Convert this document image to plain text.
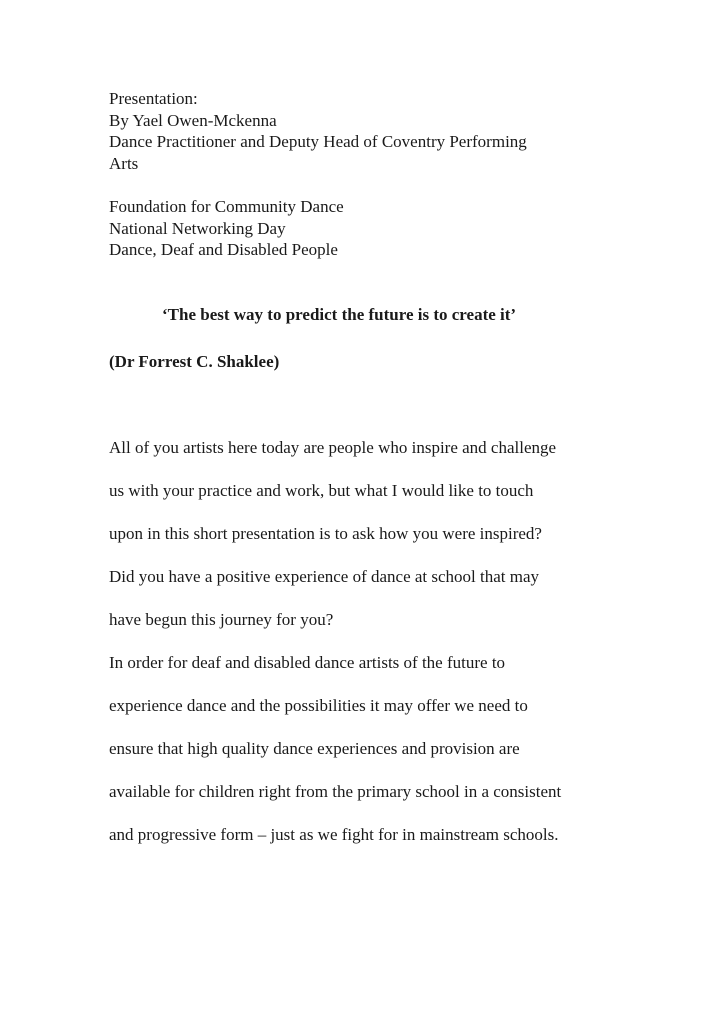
Presentation:
By Yael Owen-Mckenna
Dance Practitioner and Deputy Head of Coventry Performing
Arts
Foundation for Community Dance
National Networking Day
Dance, Deaf and Disabled People
‘The best way to predict the future is to create it’
(Dr Forrest C. Shaklee)
All of you artists here today are people who inspire and challenge
us with your practice and work, but what I would like to touch
upon in this short presentation is to ask how you were inspired?
Did you have a positive experience of dance at school that may
have begun this journey for you?
In order for deaf and disabled dance artists of the future to
experience dance and the possibilities it may offer we need to
ensure that high quality dance experiences and provision are
available for children right from the primary school in a consistent
and progressive form – just as we fight for in mainstream schools.
